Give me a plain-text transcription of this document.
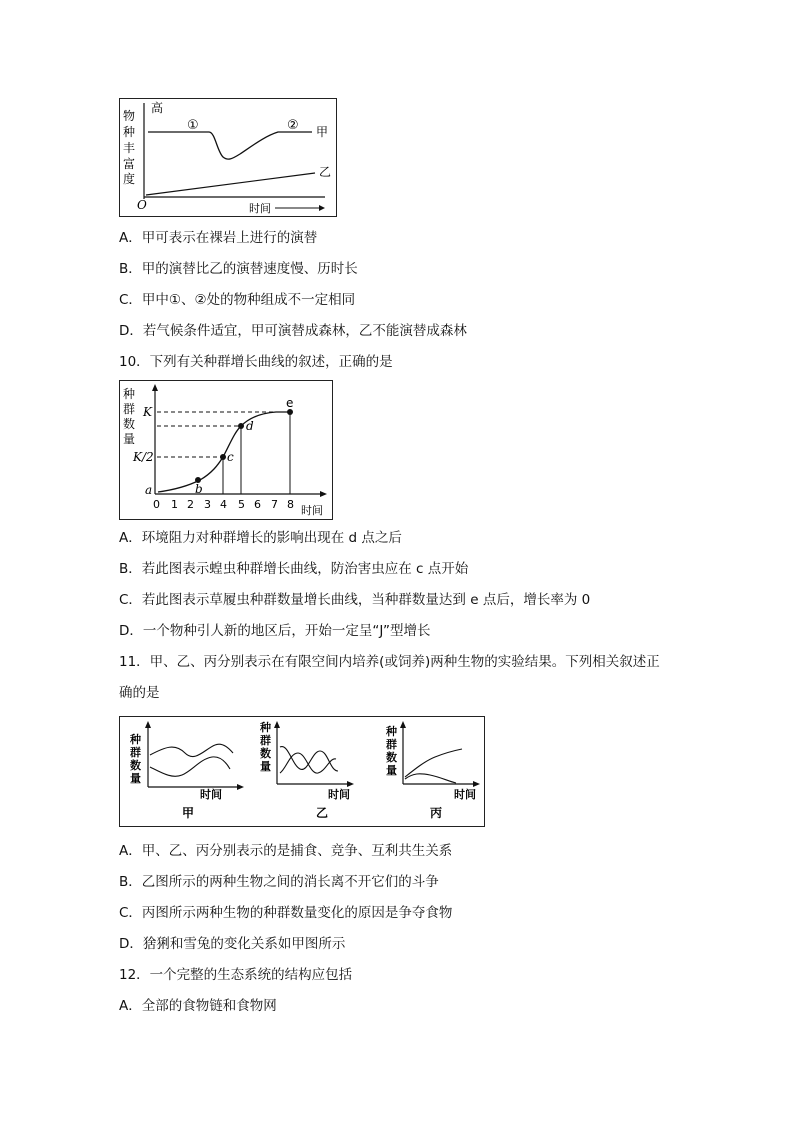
物
种
丰
富
度
高
O	时间
①	② 甲
乙
A．甲可表示在裸岩上进行的演替
B．甲的演替比乙的演替速度慢、历时长
C．甲中①、②处的物种组成不一定相同
D．若气候条件适宜，甲可演替成森林，乙不能演替成森林
10．下列有关种群增长曲线的叙述，正确的是
种
群
数
量
K
K/2
a	b
c
d
e
0 1 2 3 4 5 6 7 8 时间
A．环境阻力对种群增长的影响出现在 d 点之后
B．若此图表示蝗虫种群增长曲线，防治害虫应在 c 点开始
C．若此图表示草履虫种群数量增长曲线，当种群数量达到 e 点后，增长率为 0
D．一个物种引人新的地区后，开始一定呈“J”型增长
11．甲、乙、丙分别表示在有限空间内培养(或饲养)两种生物的实验结果。下列相关叙述正
确的是
种
群
数
量
时间
甲
种
群
数
量
时间
乙
种
群
数
量
时间
丙
A．甲、乙、丙分别表示的是捕食、竞争、互利共生关系
B．乙图所示的两种生物之间的消长离不开它们的斗争
C．丙图所示两种生物的种群数量变化的原因是争夺食物
D．猞猁和雪兔的变化关系如甲图所示
12．一个完整的生态系统的结构应包括
A．全部的食物链和食物网
